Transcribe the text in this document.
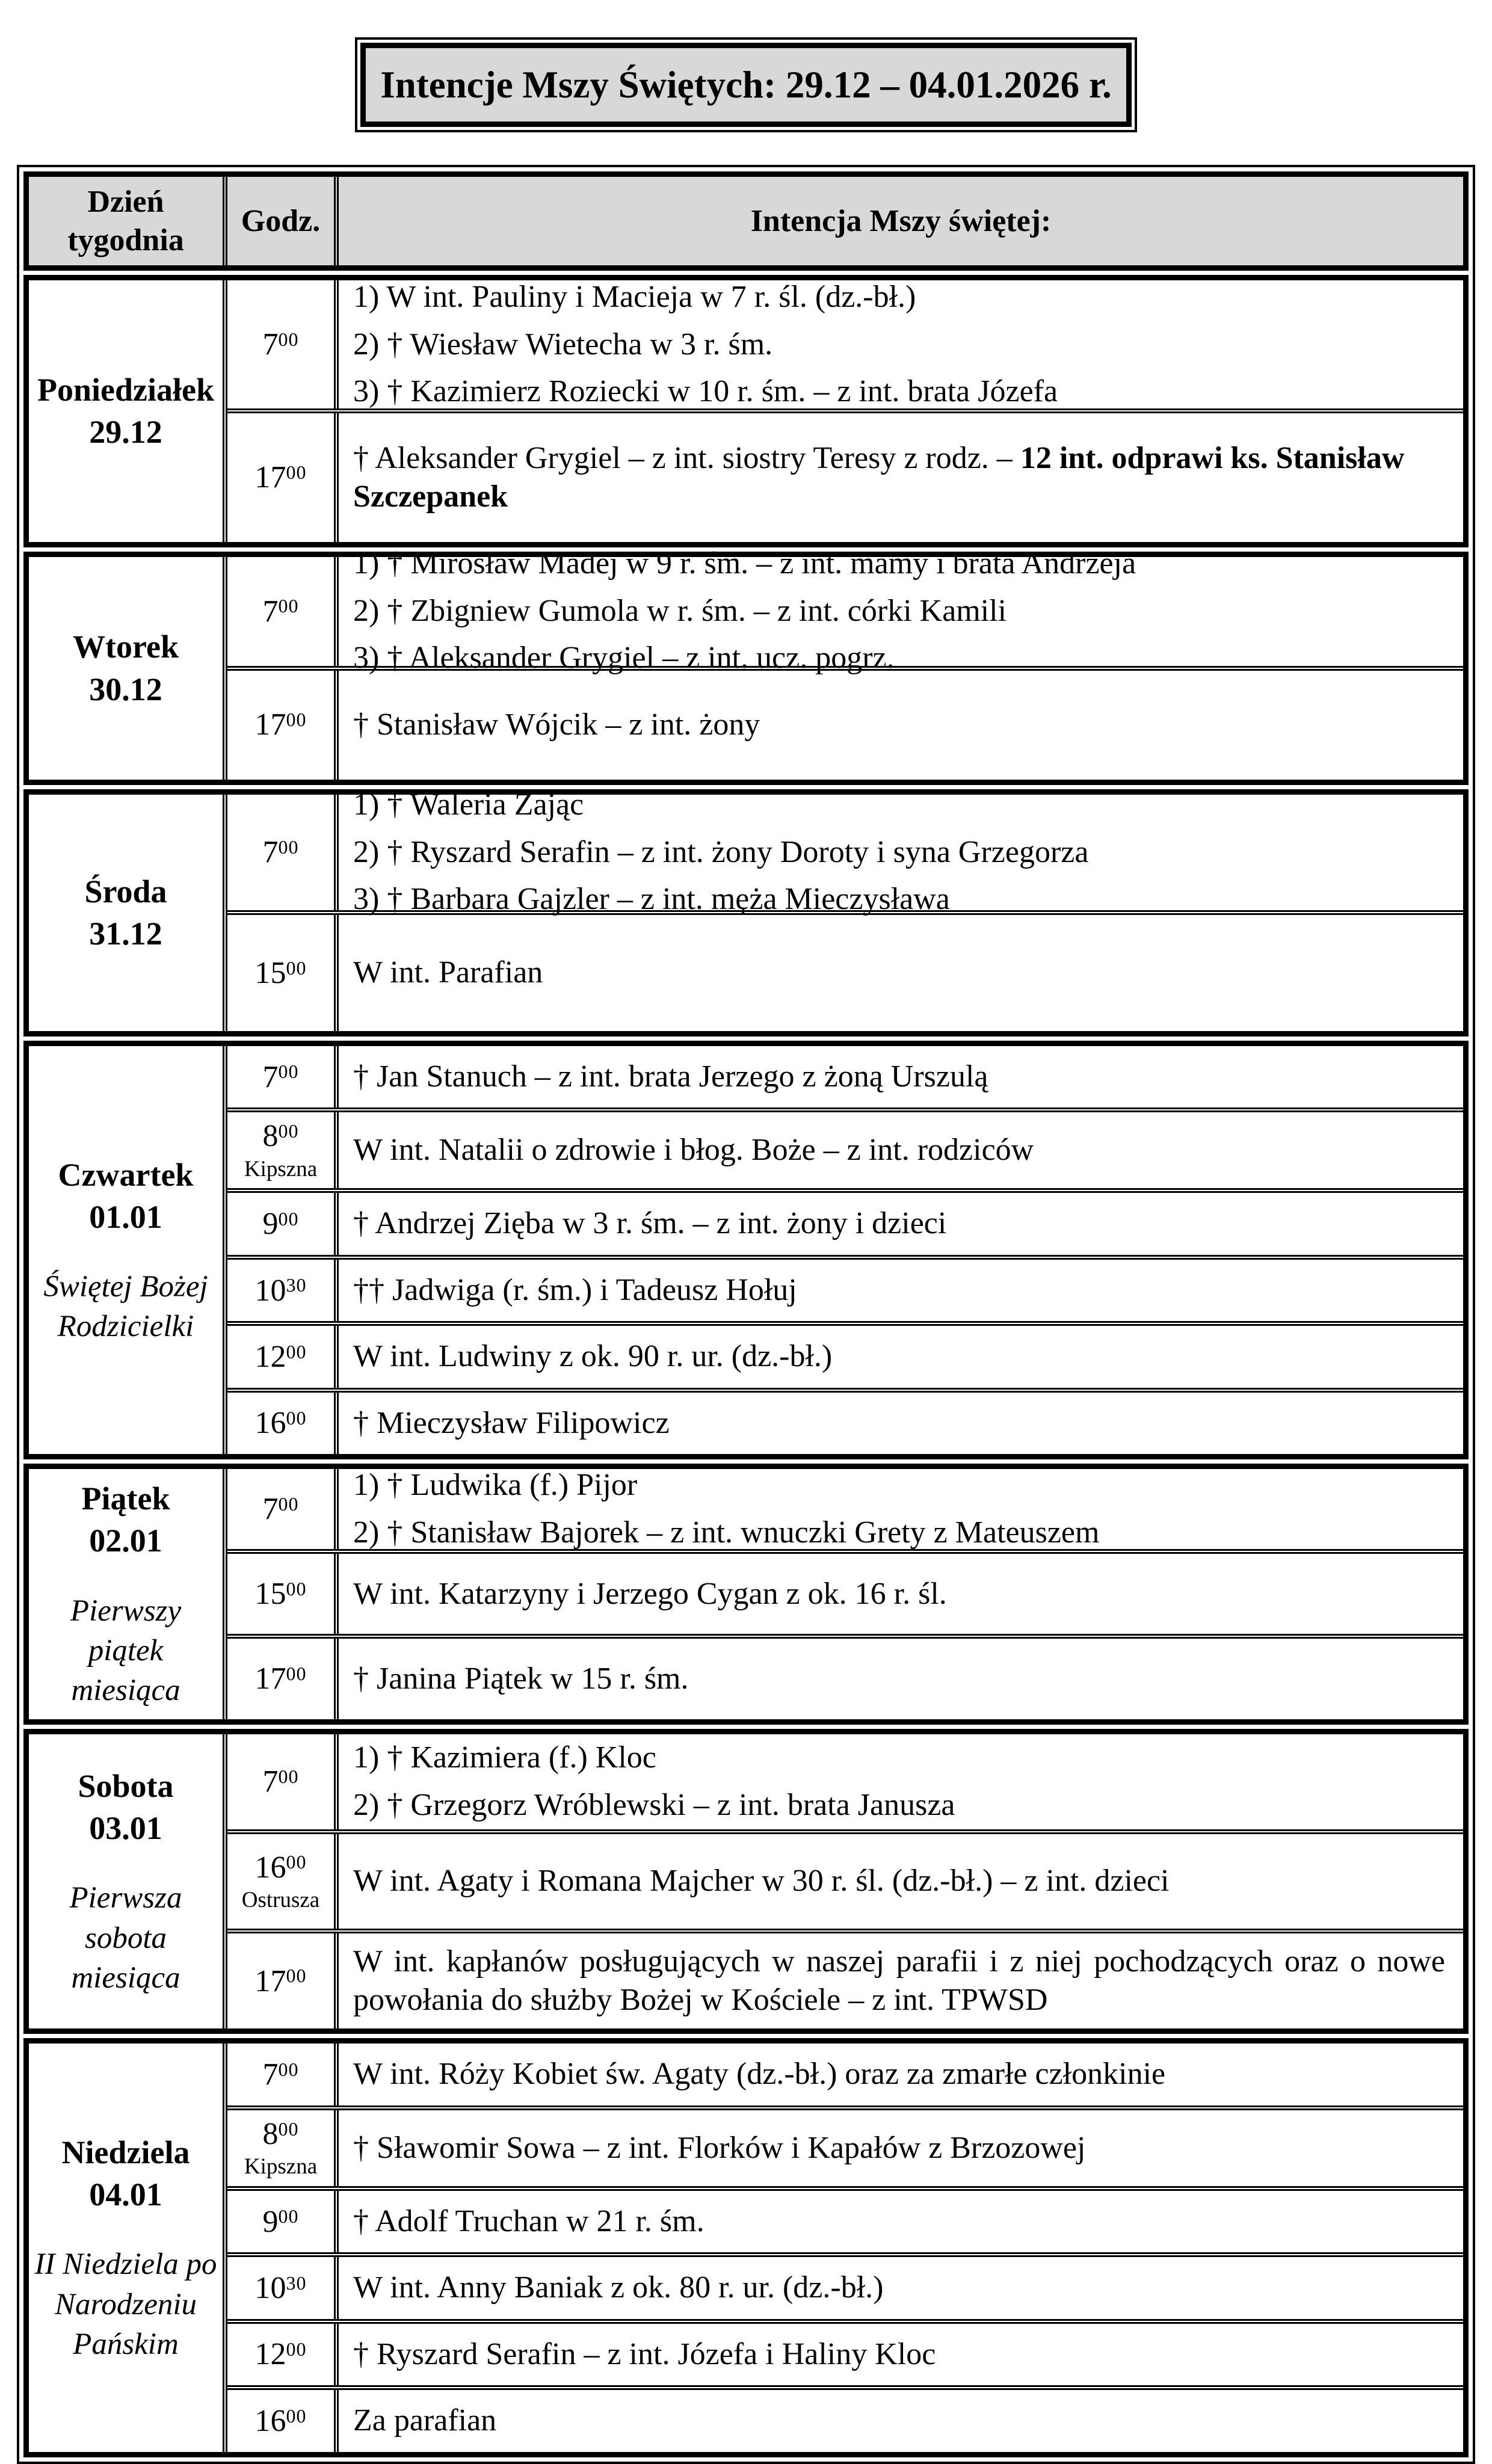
Intencje Mszy Świętych: 29.12 – 04.01.2026 r.
Dzień
tygodnia
Godz.	Intencja Mszy świętej:
Poniedziałek
29.12
$7^{00}$
1) W int. Pauliny i Macieja w 7 r. śl. (dz.-bł.)
2) † Wiesław Wietecha w 3 r. śm.
3) † Kazimierz Roziecki w 10 r. śm. – z int. brata Józefa
$17^{00}$ † Aleksander Grygiel – z int. siostry Teresy z rodz. – 12 int. odprawi ks. Stanisław Szczepanek
Wtorek
30.12
$7^{00}$
1) † Mirosław Madej w 9 r. śm. – z int. mamy i brata Andrzeja
2) † Zbigniew Gumola w r. śm. – z int. córki Kamili
3) † Aleksander Grygiel – z int. ucz. pogrz.
$17^{00}$ † Stanisław Wójcik – z int. żony
Środa
31.12
$7^{00}$
1) † Waleria Zając
2) † Ryszard Serafin – z int. żony Doroty i syna Grzegorza
3) † Barbara Gajzler – z int. męża Mieczysława
$15^{00}$ W int. Parafian
Czwartek
01.01
Świętej Bożej Rodzicielki
$7^{00}$ † Jan Stanuch – z int. brata Jerzego z żoną Urszulą
$8^{00}$
Kipszna
W int. Natalii o zdrowie i błog. Boże – z int. rodziców
$9^{00}$ † Andrzej Zięba w 3 r. śm. – z int. żony i dzieci
$10^{30}$ †† Jadwiga (r. śm.) i Tadeusz Hołuj
$12^{00}$ W int. Ludwiny z ok. 90 r. ur. (dz.-bł.)
$16^{00}$ † Mieczysław Filipowicz
Piątek
02.01
Pierwszy piątek miesiąca
$7^{00}$
1) † Ludwika (f.) Pijor
2) † Stanisław Bajorek – z int. wnuczki Grety z Mateuszem
$15^{00}$ W int. Katarzyny i Jerzego Cygan z ok. 16 r. śl.
$17^{00}$ † Janina Piątek w 15 r. śm.
Sobota
03.01
Pierwsza sobota miesiąca
$7^{00}$
1) † Kazimiera (f.) Kloc
2) † Grzegorz Wróblewski – z int. brata Janusza
$16^{00}$
Ostrusza
W int. Agaty i Romana Majcher w 30 r. śl. (dz.-bł.) – z int. dzieci
$17^{00}$ W int. kapłanów posługujących w naszej parafii i z niej pochodzących oraz o nowe powołania do służby Bożej w Kościele – z int. TPWSD
Niedziela
04.01
II Niedziela po Narodzeniu Pańskim
$7^{00}$ W int. Róży Kobiet św. Agaty (dz.-bł.) oraz za zmarłe członkinie
$8^{00}$
Kipszna
† Sławomir Sowa – z int. Florków i Kapałów z Brzozowej
$9^{00}$ † Adolf Truchan w 21 r. śm.
$10^{30}$ W int. Anny Baniak z ok. 80 r. ur. (dz.-bł.)
$12^{00}$ † Ryszard Serafin – z int. Józefa i Haliny Kloc
$16^{00}$ Za parafian
